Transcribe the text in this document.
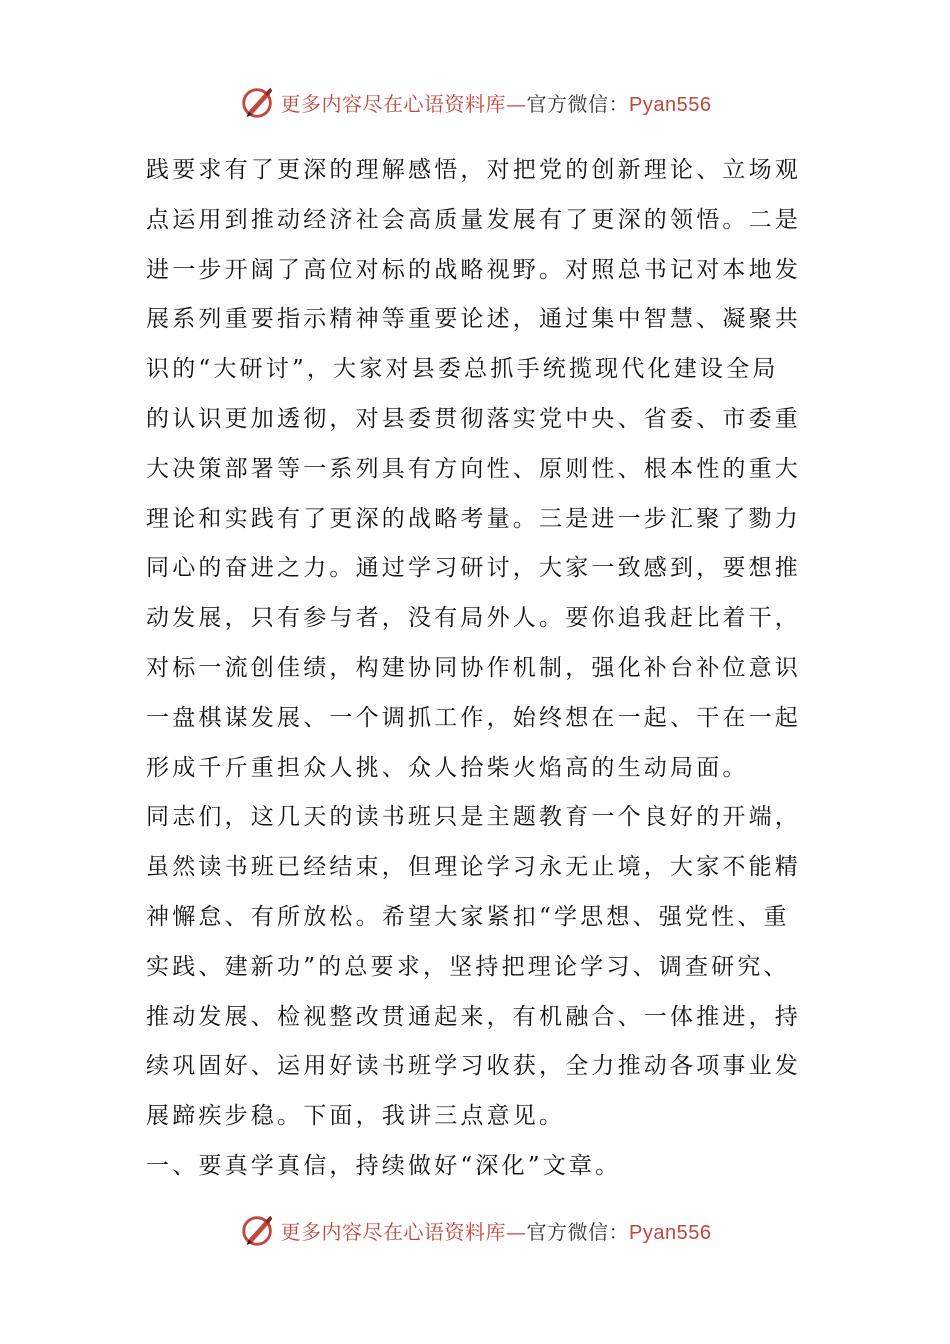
更多内容尽在心语资料库—官方微信：Pyan556
践要求有了更深的理解感悟，对把党的创新理论、立场观
点运用到推动经济社会高质量发展有了更深的领悟。二是
进一步开阔了高位对标的战略视野。对照总书记对本地发
展系列重要指示精神等重要论述，通过集中智慧、凝聚共
识的“大研讨”，大家对县委总抓手统揽现代化建设全局
的认识更加透彻，对县委贯彻落实党中央、省委、市委重
大决策部署等一系列具有方向性、原则性、根本性的重大
理论和实践有了更深的战略考量。三是进一步汇聚了勠力
同心的奋进之力。通过学习研讨，大家一致感到，要想推
动发展，只有参与者，没有局外人。要你追我赶比着干，
对标一流创佳绩，构建协同协作机制，强化补台补位意识
一盘棋谋发展、一个调抓工作，始终想在一起、干在一起
形成千斤重担众人挑、众人拾柴火焰高的生动局面。
同志们，这几天的读书班只是主题教育一个良好的开端，
虽然读书班已经结束，但理论学习永无止境，大家不能精
神懈怠、有所放松。希望大家紧扣“学思想、强党性、重
实践、建新功”的总要求，坚持把理论学习、调查研究、
推动发展、检视整改贯通起来，有机融合、一体推进，持
续巩固好、运用好读书班学习收获，全力推动各项事业发
展蹄疾步稳。下面，我讲三点意见。
一、要真学真信，持续做好“深化”文章。
更多内容尽在心语资料库—官方微信：Pyan556
